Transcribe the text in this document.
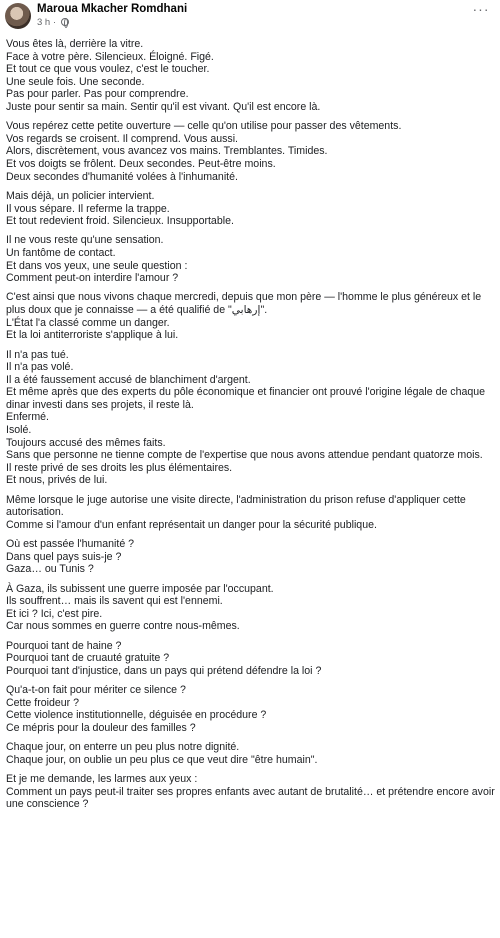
Maroua Mkacher Romdhani
3 h ·
···
Vous êtes là, derrière la vitre.
Face à votre père. Silencieux. Éloigné. Figé.
Et tout ce que vous voulez, c'est le toucher.
Une seule fois. Une seconde.
Pas pour parler. Pas pour comprendre.
Juste pour sentir sa main. Sentir qu'il est vivant. Qu'il est encore là.
Vous repérez cette petite ouverture — celle qu'on utilise pour passer des vêtements.
Vos regards se croisent. Il comprend. Vous aussi.
Alors, discrètement, vous avancez vos mains. Tremblantes. Timides.
Et vos doigts se frôlent. Deux secondes. Peut-être moins.
Deux secondes d'humanité volées à l'inhumanité.
Mais déjà, un policier intervient.
Il vous sépare. Il referme la trappe.
Et tout redevient froid. Silencieux. Insupportable.
Il ne vous reste qu'une sensation.
Un fantôme de contact.
Et dans vos yeux, une seule question :
Comment peut-on interdire l'amour ?
C'est ainsi que nous vivons chaque mercredi, depuis que mon père — l'homme le plus généreux et le plus doux que je connaisse — a été qualifié de "إرهابي".
L'État l'a classé comme un danger.
Et la loi antiterroriste s'applique à lui.
Il n'a pas tué.
Il n'a pas volé.
Il a été faussement accusé de blanchiment d'argent.
Et même après que des experts du pôle économique et financier ont prouvé l'origine légale de chaque dinar investi dans ses projets, il reste là.
Enfermé.
Isolé.
Toujours accusé des mêmes faits.
Sans que personne ne tienne compte de l'expertise que nous avons attendue pendant quatorze mois.
Il reste privé de ses droits les plus élémentaires.
Et nous, privés de lui.
Même lorsque le juge autorise une visite directe, l'administration du prison refuse d'appliquer cette autorisation.
Comme si l'amour d'un enfant représentait un danger pour la sécurité publique.
Où est passée l'humanité ?
Dans quel pays suis-je ?
Gaza… ou Tunis ?
À Gaza, ils subissent une guerre imposée par l'occupant.
Ils souffrent… mais ils savent qui est l'ennemi.
Et ici ? Ici, c'est pire.
Car nous sommes en guerre contre nous-mêmes.
Pourquoi tant de haine ?
Pourquoi tant de cruauté gratuite ?
Pourquoi tant d'injustice, dans un pays qui prétend défendre la loi ?
Qu'a-t-on fait pour mériter ce silence ?
Cette froideur ?
Cette violence institutionnelle, déguisée en procédure ?
Ce mépris pour la douleur des familles ?
Chaque jour, on enterre un peu plus notre dignité.
Chaque jour, on oublie un peu plus ce que veut dire "être humain".
Et je me demande, les larmes aux yeux :
Comment un pays peut-il traiter ses propres enfants avec autant de brutalité… et prétendre encore avoir une conscience ?
